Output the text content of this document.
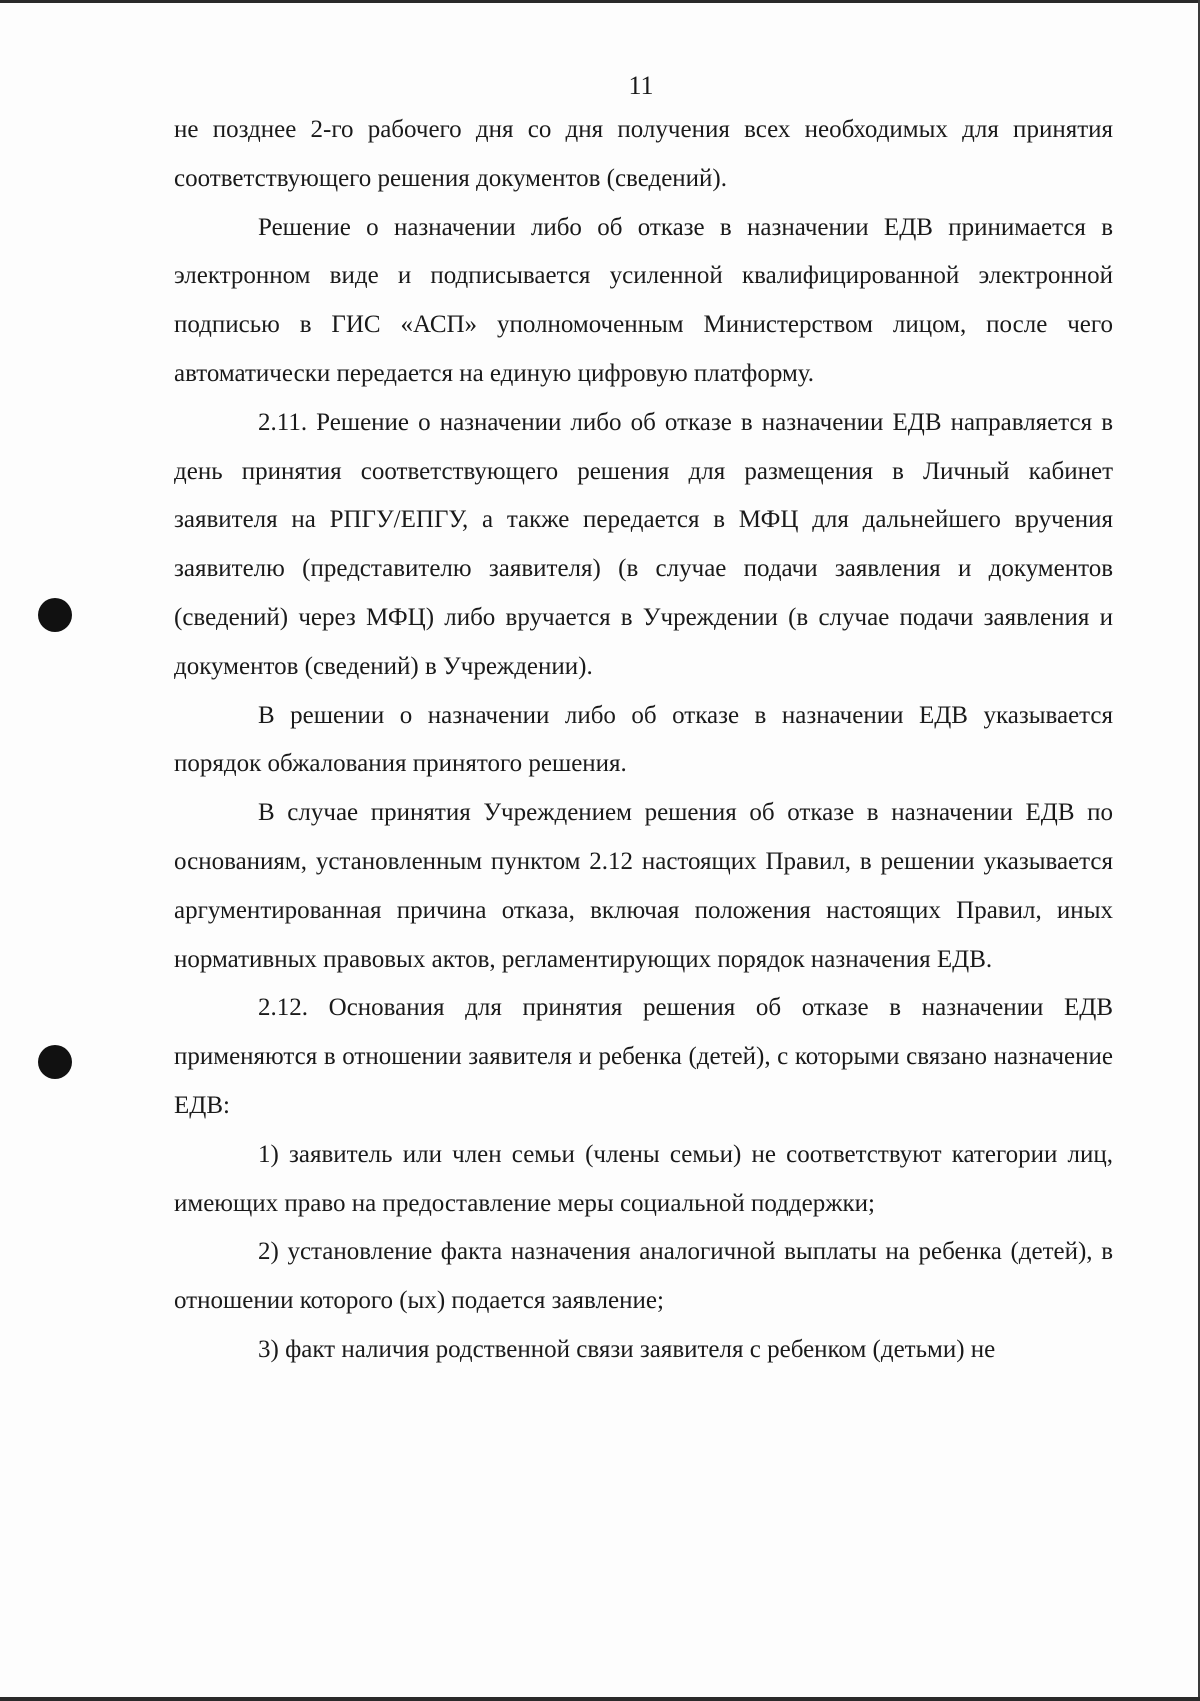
11

не позднее 2-го рабочего дня со дня получения всех необходимых для принятия соответствующего решения документов (сведений).

Решение о назначении либо об отказе в назначении ЕДВ принимается в электронном виде и подписывается усиленной квалифицированной электронной подписью в ГИС «АСП» уполномоченным Министерством лицом, после чего автоматически передается на единую цифровую платформу.

2.11. Решение о назначении либо об отказе в назначении ЕДВ направляется в день принятия соответствующего решения для размещения в Личный кабинет заявителя на РПГУ/ЕПГУ, а также передается в МФЦ для дальнейшего вручения заявителю (представителю заявителя) (в случае подачи заявления и документов (сведений) через МФЦ) либо вручается в Учреждении (в случае подачи заявления и документов (сведений) в Учреждении).

В решении о назначении либо об отказе в назначении ЕДВ указывается порядок обжалования принятого решения.

В случае принятия Учреждением решения об отказе в назначении ЕДВ по основаниям, установленным пунктом 2.12 настоящих Правил, в решении указывается аргументированная причина отказа, включая положения настоящих Правил, иных нормативных правовых актов, регламентирующих порядок назначения ЕДВ.

2.12. Основания для принятия решения об отказе в назначении ЕДВ применяются в отношении заявителя и ребенка (детей), с которыми связано назначение ЕДВ:

1) заявитель или член семьи (члены семьи) не соответствуют категории лиц, имеющих право на предоставление меры социальной поддержки;

2) установление факта назначения аналогичной выплаты на ребенка (детей), в отношении которого (ых) подается заявление;

3) факт наличия родственной связи заявителя с ребенком (детьми) не
